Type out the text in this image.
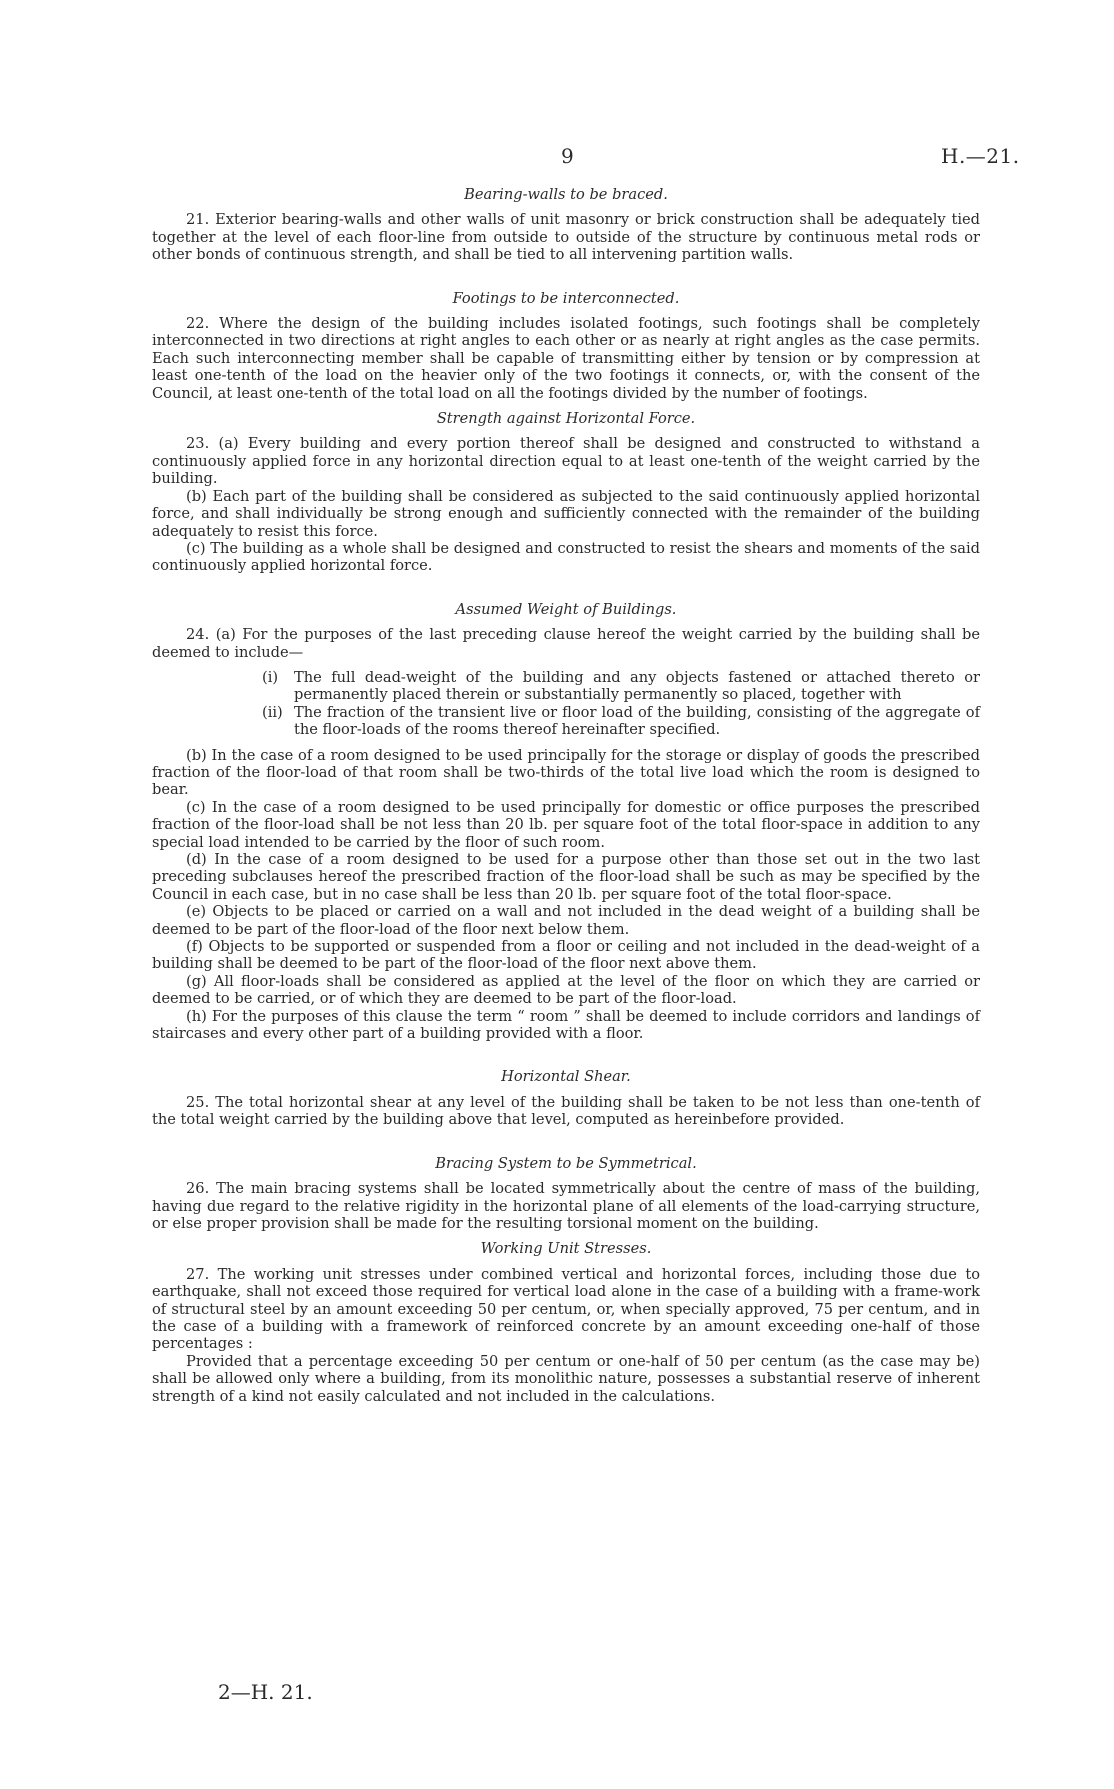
9	H.—21.

Bearing-walls to be braced.

21. Exterior bearing-walls and other walls of unit masonry or brick construction shall be adequately tied together at the level of each floor-line from outside to outside of the structure by continuous metal rods or other bonds of continuous strength, and shall be tied to all intervening partition walls.

Footings to be interconnected.

22. Where the design of the building includes isolated footings, such footings shall be completely interconnected in two directions at right angles to each other or as nearly at right angles as the case permits. Each such interconnecting member shall be capable of transmitting either by tension or by compression at least one-tenth of the load on the heavier only of the two footings it connects, or, with the consent of the Council, at least one-tenth of the total load on all the footings divided by the number of footings.

Strength against Horizontal Force.

23. (a) Every building and every portion thereof shall be designed and constructed to withstand a continuously applied force in any horizontal direction equal to at least one-tenth of the weight carried by the building.

(b) Each part of the building shall be considered as subjected to the said continuously applied horizontal force, and shall individually be strong enough and sufficiently connected with the remainder of the building adequately to resist this force.

(c) The building as a whole shall be designed and constructed to resist the shears and moments of the said continuously applied horizontal force.

Assumed Weight of Buildings.

24. (a) For the purposes of the last preceding clause hereof the weight carried by the building shall be deemed to include—

(i) The full dead-weight of the building and any objects fastened or attached thereto or permanently placed therein or substantially permanently so placed, together with

(ii) The fraction of the transient live or floor load of the building, consisting of the aggregate of the floor-loads of the rooms thereof hereinafter specified.

(b) In the case of a room designed to be used principally for the storage or display of goods the prescribed fraction of the floor-load of that room shall be two-thirds of the total live load which the room is designed to bear.

(c) In the case of a room designed to be used principally for domestic or office purposes the prescribed fraction of the floor-load shall be not less than 20 lb. per square foot of the total floor-space in addition to any special load intended to be carried by the floor of such room.

(d) In the case of a room designed to be used for a purpose other than those set out in the two last preceding subclauses hereof the prescribed fraction of the floor-load shall be such as may be specified by the Council in each case, but in no case shall be less than 20 lb. per square foot of the total floor-space.

(e) Objects to be placed or carried on a wall and not included in the dead weight of a building shall be deemed to be part of the floor-load of the floor next below them.

(f) Objects to be supported or suspended from a floor or ceiling and not included in the dead-weight of a building shall be deemed to be part of the floor-load of the floor next above them.

(g) All floor-loads shall be considered as applied at the level of the floor on which they are carried or deemed to be carried, or of which they are deemed to be part of the floor-load.

(h) For the purposes of this clause the term “ room ” shall be deemed to include corridors and landings of staircases and every other part of a building provided with a floor.

Horizontal Shear.

25. The total horizontal shear at any level of the building shall be taken to be not less than one-tenth of the total weight carried by the building above that level, computed as hereinbefore provided.

Bracing System to be Symmetrical.

26. The main bracing systems shall be located symmetrically about the centre of mass of the building, having due regard to the relative rigidity in the horizontal plane of all elements of the load-carrying structure, or else proper provision shall be made for the resulting torsional moment on the building.

Working Unit Stresses.

27. The working unit stresses under combined vertical and horizontal forces, including those due to earthquake, shall not exceed those required for vertical load alone in the case of a building with a frame-work of structural steel by an amount exceeding 50 per centum, or, when specially approved, 75 per centum, and in the case of a building with a framework of reinforced concrete by an amount exceeding one-half of those percentages :

Provided that a percentage exceeding 50 per centum or one-half of 50 per centum (as the case may be) shall be allowed only where a building, from its monolithic nature, possesses a substantial reserve of inherent strength of a kind not easily calculated and not included in the calculations.

2—H. 21.
